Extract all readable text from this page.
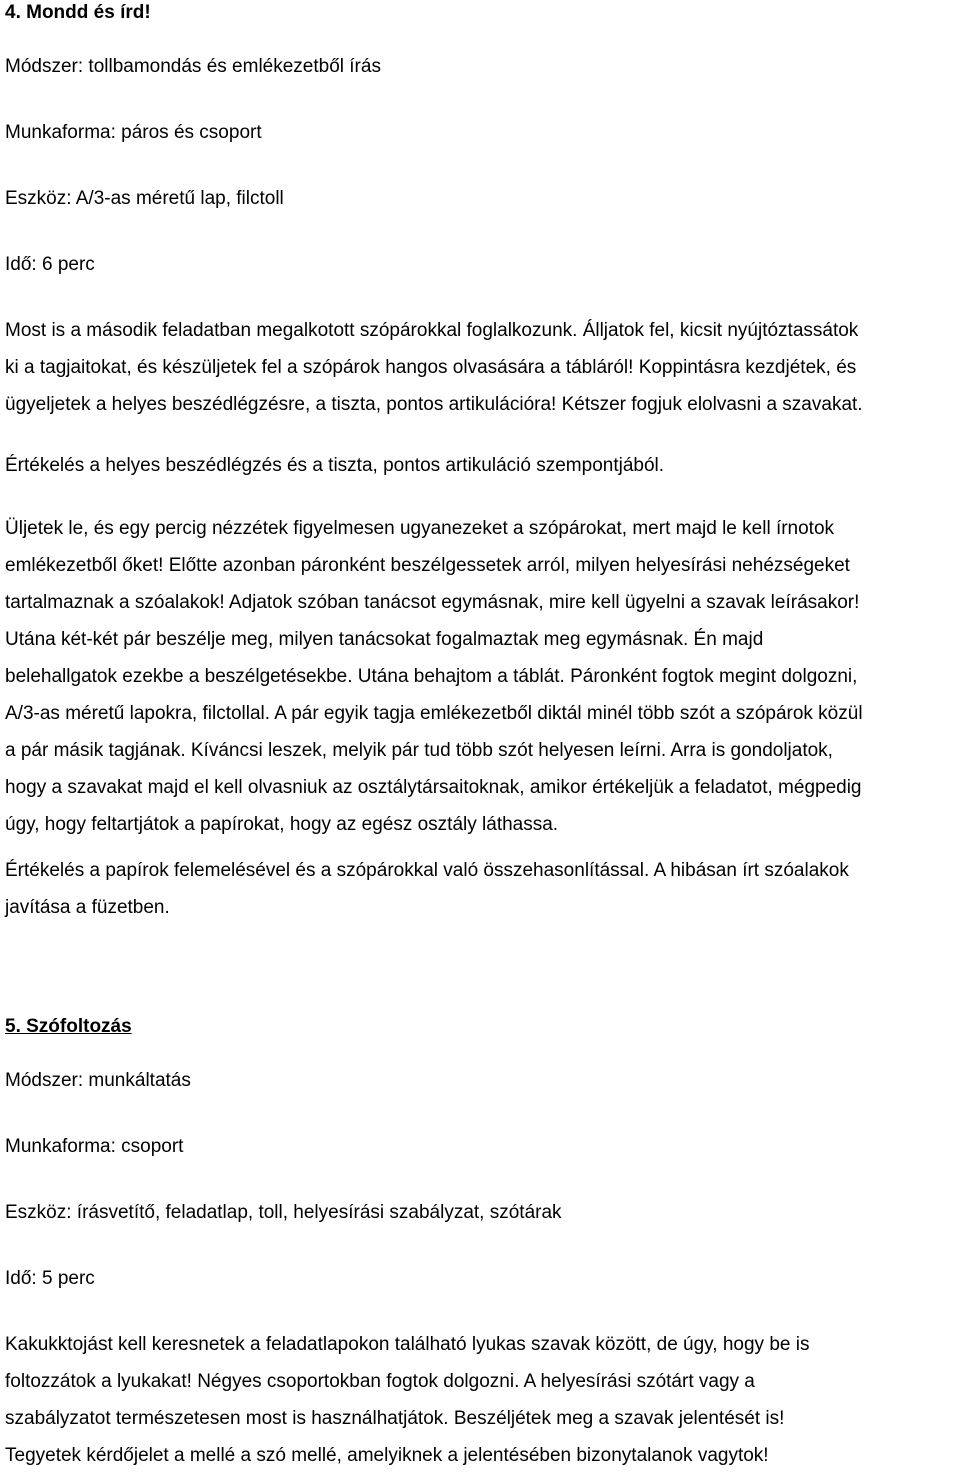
4. Mondd és írd!

Módszer: tollbamondás és emlékezetből írás

Munkaforma: páros és csoport

Eszköz: A/3-as méretű lap, filctoll

Idő: 6 perc

Most is a második feladatban megalkotott szópárokkal foglalkozunk. Álljatok fel, kicsit nyújtóztassátok
ki a tagjaitokat, és készüljetek fel a szópárok hangos olvasására a tábláról! Koppintásra kezdjétek, és
ügyeljetek a helyes beszédlégzésre, a tiszta, pontos artikulációra! Kétszer fogjuk elolvasni a szavakat.

Értékelés a helyes beszédlégzés és a tiszta, pontos artikuláció szempontjából.

Üljetek le, és egy percig nézzétek figyelmesen ugyanezeket a szópárokat, mert majd le kell írnotok
emlékezetből őket! Előtte azonban páronként beszélgessetek arról, milyen helyesírási nehézségeket
tartalmaznak a szóalakok! Adjatok szóban tanácsot egymásnak, mire kell ügyelni a szavak leírásakor!
Utána két-két pár beszélje meg, milyen tanácsokat fogalmaztak meg egymásnak. Én majd
belehallgatok ezekbe a beszélgetésekbe. Utána behajtom a táblát. Páronként fogtok megint dolgozni,
A/3-as méretű lapokra, filctollal. A pár egyik tagja emlékezetből diktál minél több szót a szópárok közül
a pár másik tagjának. Kíváncsi leszek, melyik pár tud több szót helyesen leírni. Arra is gondoljatok,
hogy a szavakat majd el kell olvasniuk az osztálytársaitoknak, amikor értékeljük a feladatot, mégpedig
úgy, hogy feltartjátok a papírokat, hogy az egész osztály láthassa.
Értékelés a papírok felemelésével és a szópárokkal való összehasonlítással. A hibásan írt szóalakok
javítása a füzetben.

5. Szófoltozás

Módszer: munkáltatás

Munkaforma: csoport

Eszköz: írásvetítő, feladatlap, toll, helyesírási szabályzat, szótárak

Idő: 5 perc

Kakukktojást kell keresnetek a feladatlapokon található lyukas szavak között, de úgy, hogy be is
foltozzátok a lyukakat! Négyes csoportokban fogtok dolgozni. A helyesírási szótárt vagy a
szabályzatot természetesen most is használhatjátok. Beszéljétek meg a szavak jelentését is!
Tegyetek kérdőjelet a mellé a szó mellé, amelyiknek a jelentésében bizonytalanok vagytok!
